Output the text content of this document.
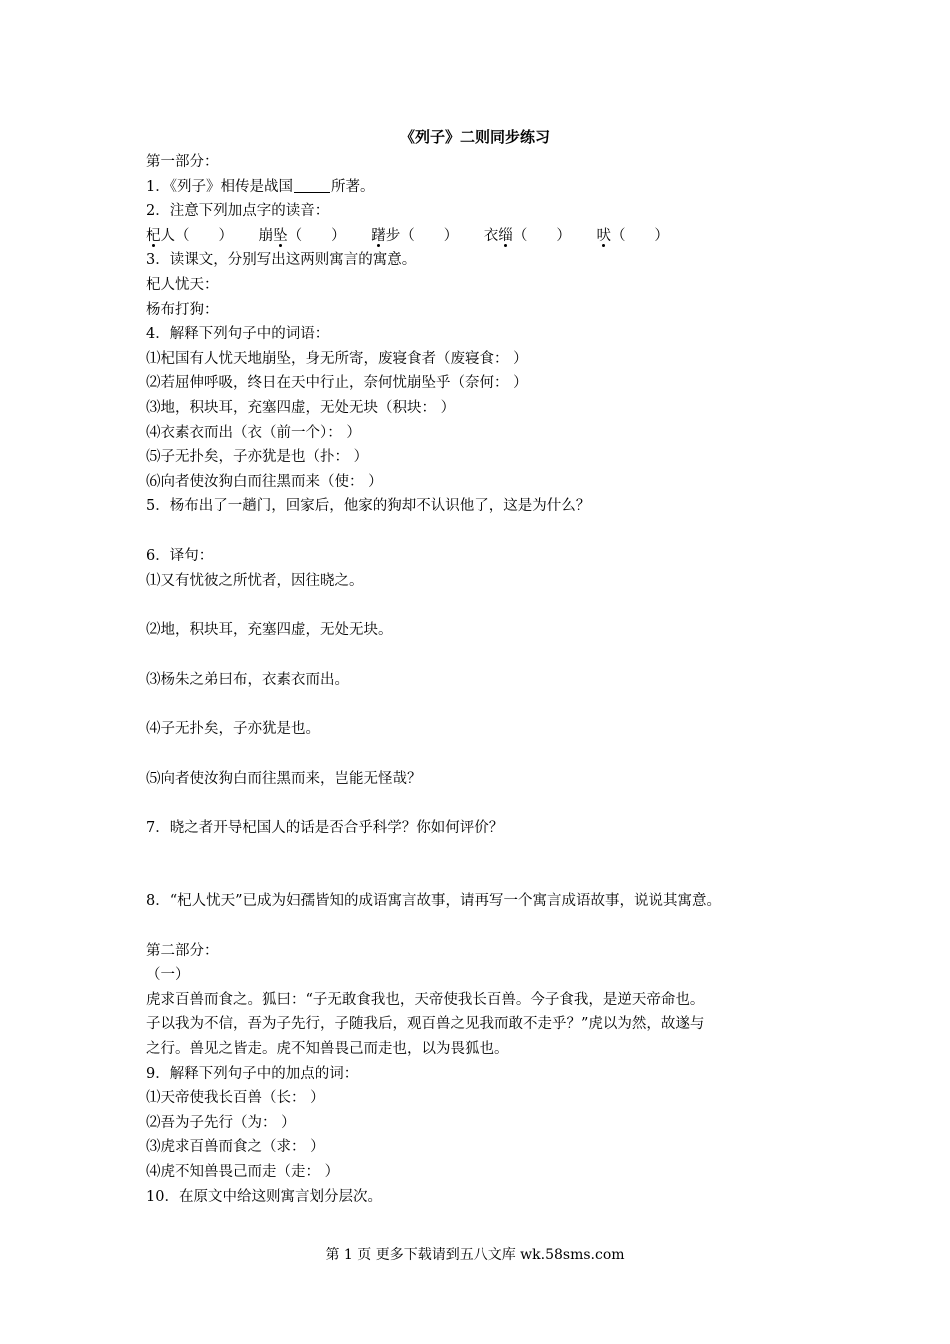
《列子》二则同步练习
第一部分：
1．《列子》相传是战国	所著。
2．注意下列加点字的读音：
杞人（　　） 崩坠（　　） 躇步（　　） 衣缁（　　） 吠（　　）
3．读课文，分别写出这两则寓言的寓意。
杞人忧天：
杨布打狗：
4．解释下列句子中的词语：
⑴杞国有人忧天地崩坠，身无所寄，废寝食者（废寝食： ）
⑵若屈伸呼吸，终日在天中行止，奈何忧崩坠乎（奈何： ）
⑶地，积块耳，充塞四虚，无处无块（积块： ）
⑷衣素衣而出（衣（前一个）： ）
⑸子无扑矣，子亦犹是也（扑： ）
⑹向者使汝狗白而往黑而来（使： ）
5．杨布出了一趟门，回家后，他家的狗却不认识他了，这是为什么？
6．译句：
⑴又有忧彼之所忧者，因往晓之。
⑵地，积块耳，充塞四虚，无处无块。
⑶杨朱之弟曰布，衣素衣而出。
⑷子无扑矣，子亦犹是也。
⑸向者使汝狗白而往黑而来，岂能无怪哉？
7．晓之者开导杞国人的话是否合乎科学？你如何评价？
8．“杞人忧天”已成为妇孺皆知的成语寓言故事，请再写一个寓言成语故事，说说其寓意。
第二部分：
（一）
虎求百兽而食之。狐曰：“子无敢食我也，天帝使我长百兽。今子食我，是逆天帝命也。
子以我为不信，吾为子先行，子随我后，观百兽之见我而敢不走乎？”虎以为然，故遂与
之行。兽见之皆走。虎不知兽畏己而走也，以为畏狐也。
9．解释下列句子中的加点的词：
⑴天帝使我长百兽（长： ）
⑵吾为子先行（为： ）
⑶虎求百兽而食之（求： ）
⑷虎不知兽畏己而走（走： ）
10．在原文中给这则寓言划分层次。
第 1 页 更多下载请到五八文库 wk.58sms.com
